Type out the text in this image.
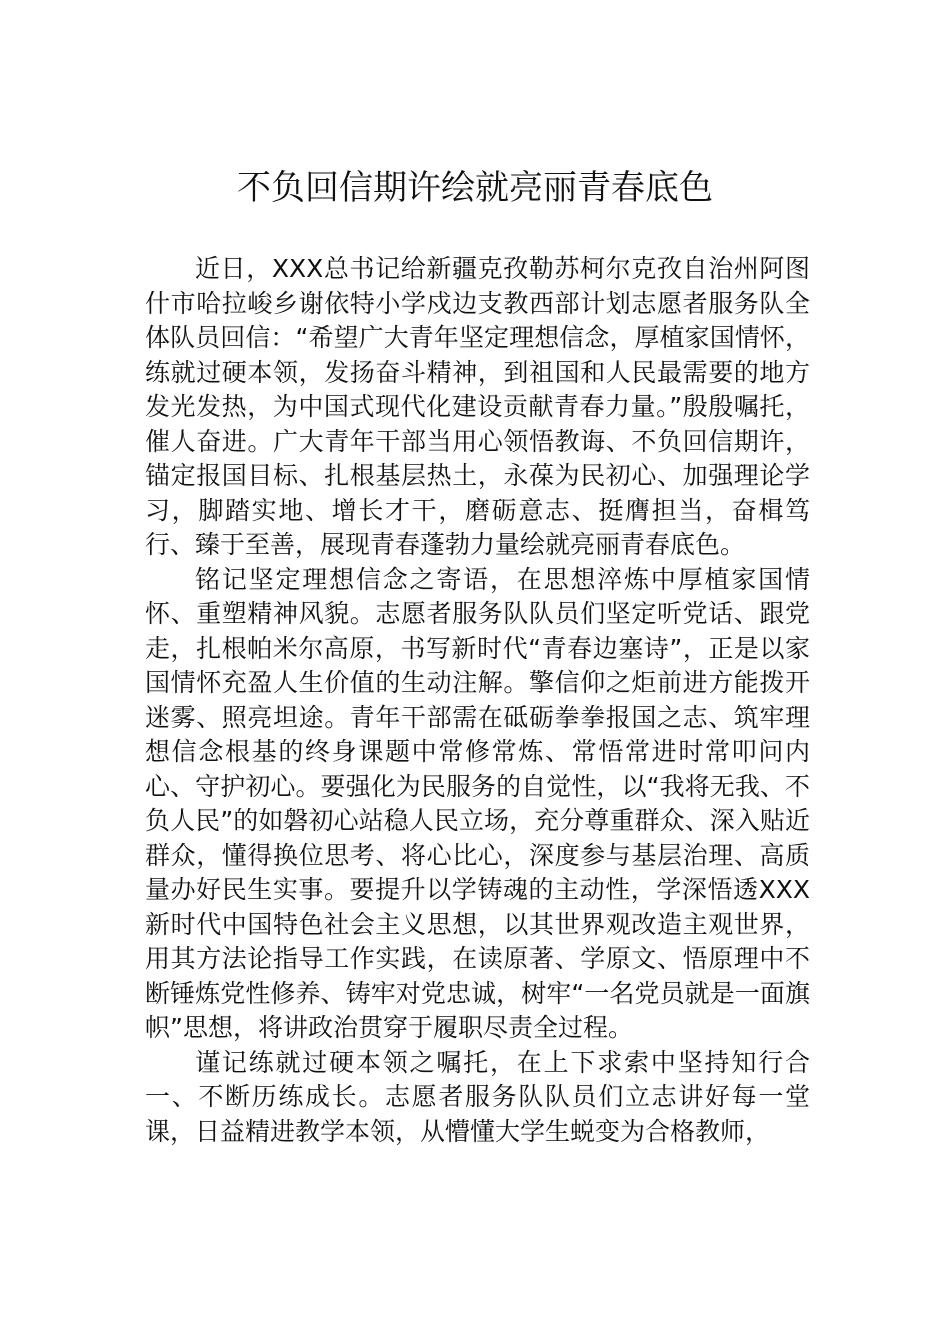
不负回信期许绘就亮丽青春底色

近日，XXX总书记给新疆克孜勒苏柯尔克孜自治州阿图什市哈拉峻乡谢依特小学戍边支教西部计划志愿者服务队全体队员回信：“希望广大青年坚定理想信念，厚植家国情怀，练就过硬本领，发扬奋斗精神，到祖国和人民最需要的地方发光发热，为中国式现代化建设贡献青春力量。”殷殷嘱托，催人奋进。广大青年干部当用心领悟教诲、不负回信期许，锚定报国目标、扎根基层热土，永葆为民初心、加强理论学习，脚踏实地、增长才干，磨砺意志、挺膺担当，奋楫笃行、臻于至善，展现青春蓬勃力量绘就亮丽青春底色。

铭记坚定理想信念之寄语，在思想淬炼中厚植家国情怀、重塑精神风貌。志愿者服务队队员们坚定听党话、跟党走，扎根帕米尔高原，书写新时代“青春边塞诗”，正是以家国情怀充盈人生价值的生动注解。擎信仰之炬前进方能拨开迷雾、照亮坦途。青年干部需在砥砺拳拳报国之志、筑牢理想信念根基的终身课题中常修常炼、常悟常进时常叩问内心、守护初心。要强化为民服务的自觉性，以“我将无我、不负人民”的如磐初心站稳人民立场，充分尊重群众、深入贴近群众，懂得换位思考、将心比心，深度参与基层治理、高质量办好民生实事。要提升以学铸魂的主动性，学深悟透XXX新时代中国特色社会主义思想，以其世界观改造主观世界，用其方法论指导工作实践，在读原著、学原文、悟原理中不断锤炼党性修养、铸牢对党忠诚，树牢“一名党员就是一面旗帜”思想，将讲政治贯穿于履职尽责全过程。

谨记练就过硬本领之嘱托，在上下求索中坚持知行合一、不断历练成长。志愿者服务队队员们立志讲好每一堂课，日益精进教学本领，从懵懂大学生蜕变为合格教师，
